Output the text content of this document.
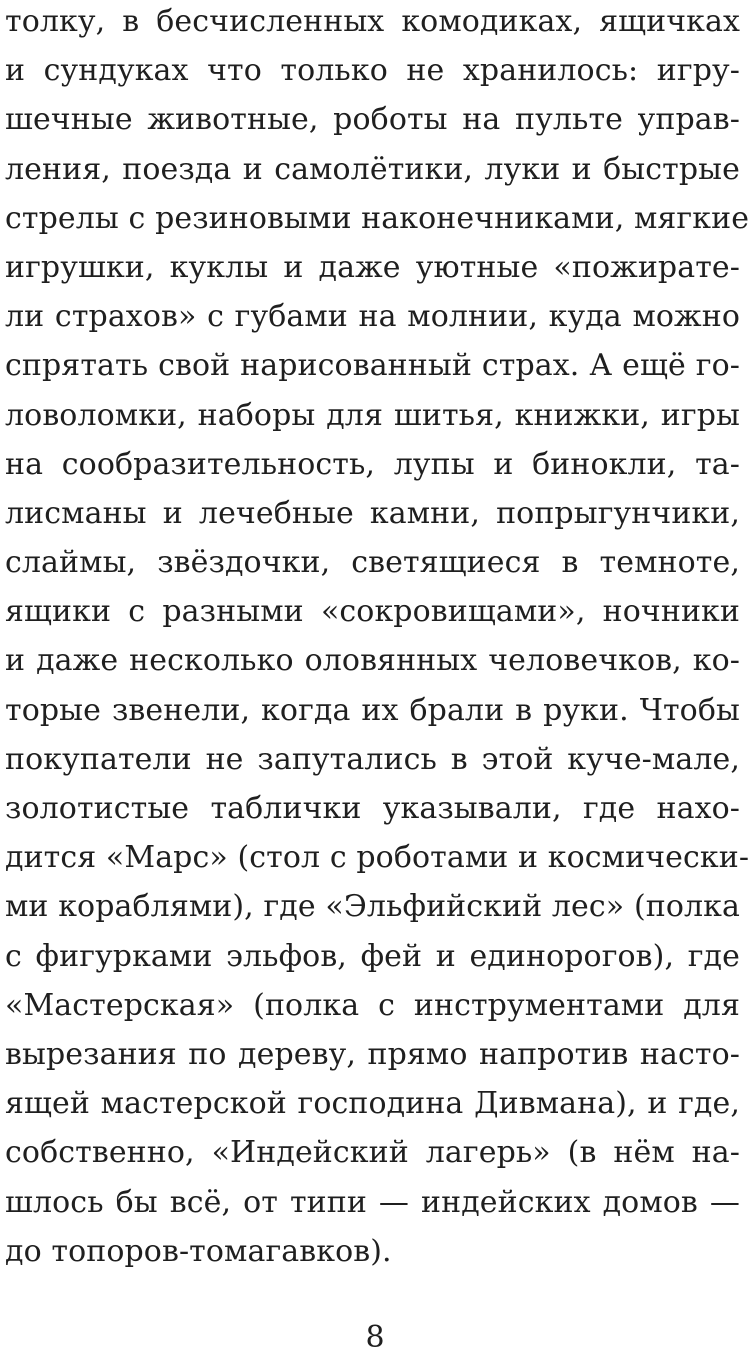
толку, в бесчисленных комодиках, ящичках
и сундуках что только не хранилось: игру-
шечные животные, роботы на пульте управ-
ления, поезда и самолётики, луки и быстрые
стрелы с резиновыми наконечниками, мягкие
игрушки, куклы и даже уютные «пожирате-
ли страхов» с губами на молнии, куда можно
спрятать свой нарисованный страх. А ещё го-
ловоломки, наборы для шитья, книжки, игры
на сообразительность, лупы и бинокли, та-
лисманы и лечебные камни, попрыгунчики,
слаймы, звёздочки, светящиеся в темноте,
ящики с разными «сокровищами», ночники
и даже несколько оловянных человечков, ко-
торые звенели, когда их брали в руки. Чтобы
покупатели не запутались в этой куче-мале,
золотистые таблички указывали, где нахо-
дится «Марс» (стол с роботами и космически-
ми кораблями), где «Эльфийский лес» (полка
с фигурками эльфов, фей и единорогов), где
«Мастерская» (полка с инструментами для
вырезания по дереву, прямо напротив насто-
ящей мастерской господина Дивмана), и где,
собственно, «Индейский лагерь» (в нём на-
шлось бы всё, от типи — индейских домов —
до топоров-томагавков).
8
